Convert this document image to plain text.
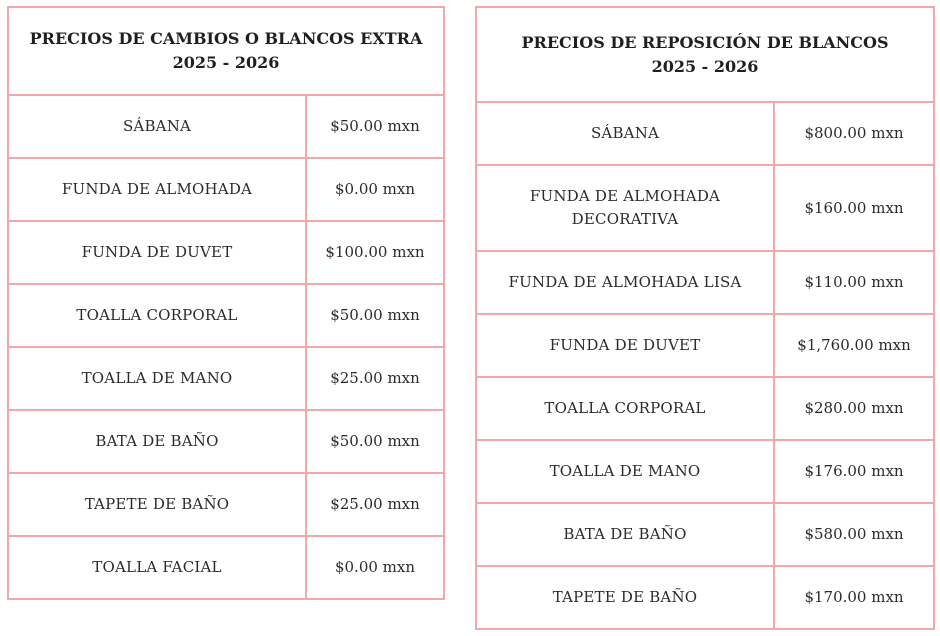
PRECIOS DE CAMBIOS O BLANCOS EXTRA
2025 - 2026	

SÁBANA	$50.00 mxn
FUNDA DE ALMOHADA	$0.00 mxn
FUNDA DE DUVET	$100.00 mxn
TOALLA CORPORAL	$50.00 mxn
TOALLA DE MANO	$25.00 mxn
BATA DE BAÑO	$50.00 mxn
TAPETE DE BAÑO	$25.00 mxn
TOALLA FACIAL	$0.00 mxn
PRECIOS DE REPOSICIÓN DE BLANCOS
2025 - 2026	

SÁBANA	$800.00 mxn
FUNDA DE ALMOHADA DECORATIVA	$160.00 mxn
FUNDA DE ALMOHADA LISA	$110.00 mxn
FUNDA DE DUVET	$1,760.00 mxn
TOALLA CORPORAL	$280.00 mxn
TOALLA DE MANO	$176.00 mxn
BATA DE BAÑO	$580.00 mxn
TAPETE DE BAÑO	$170.00 mxn
